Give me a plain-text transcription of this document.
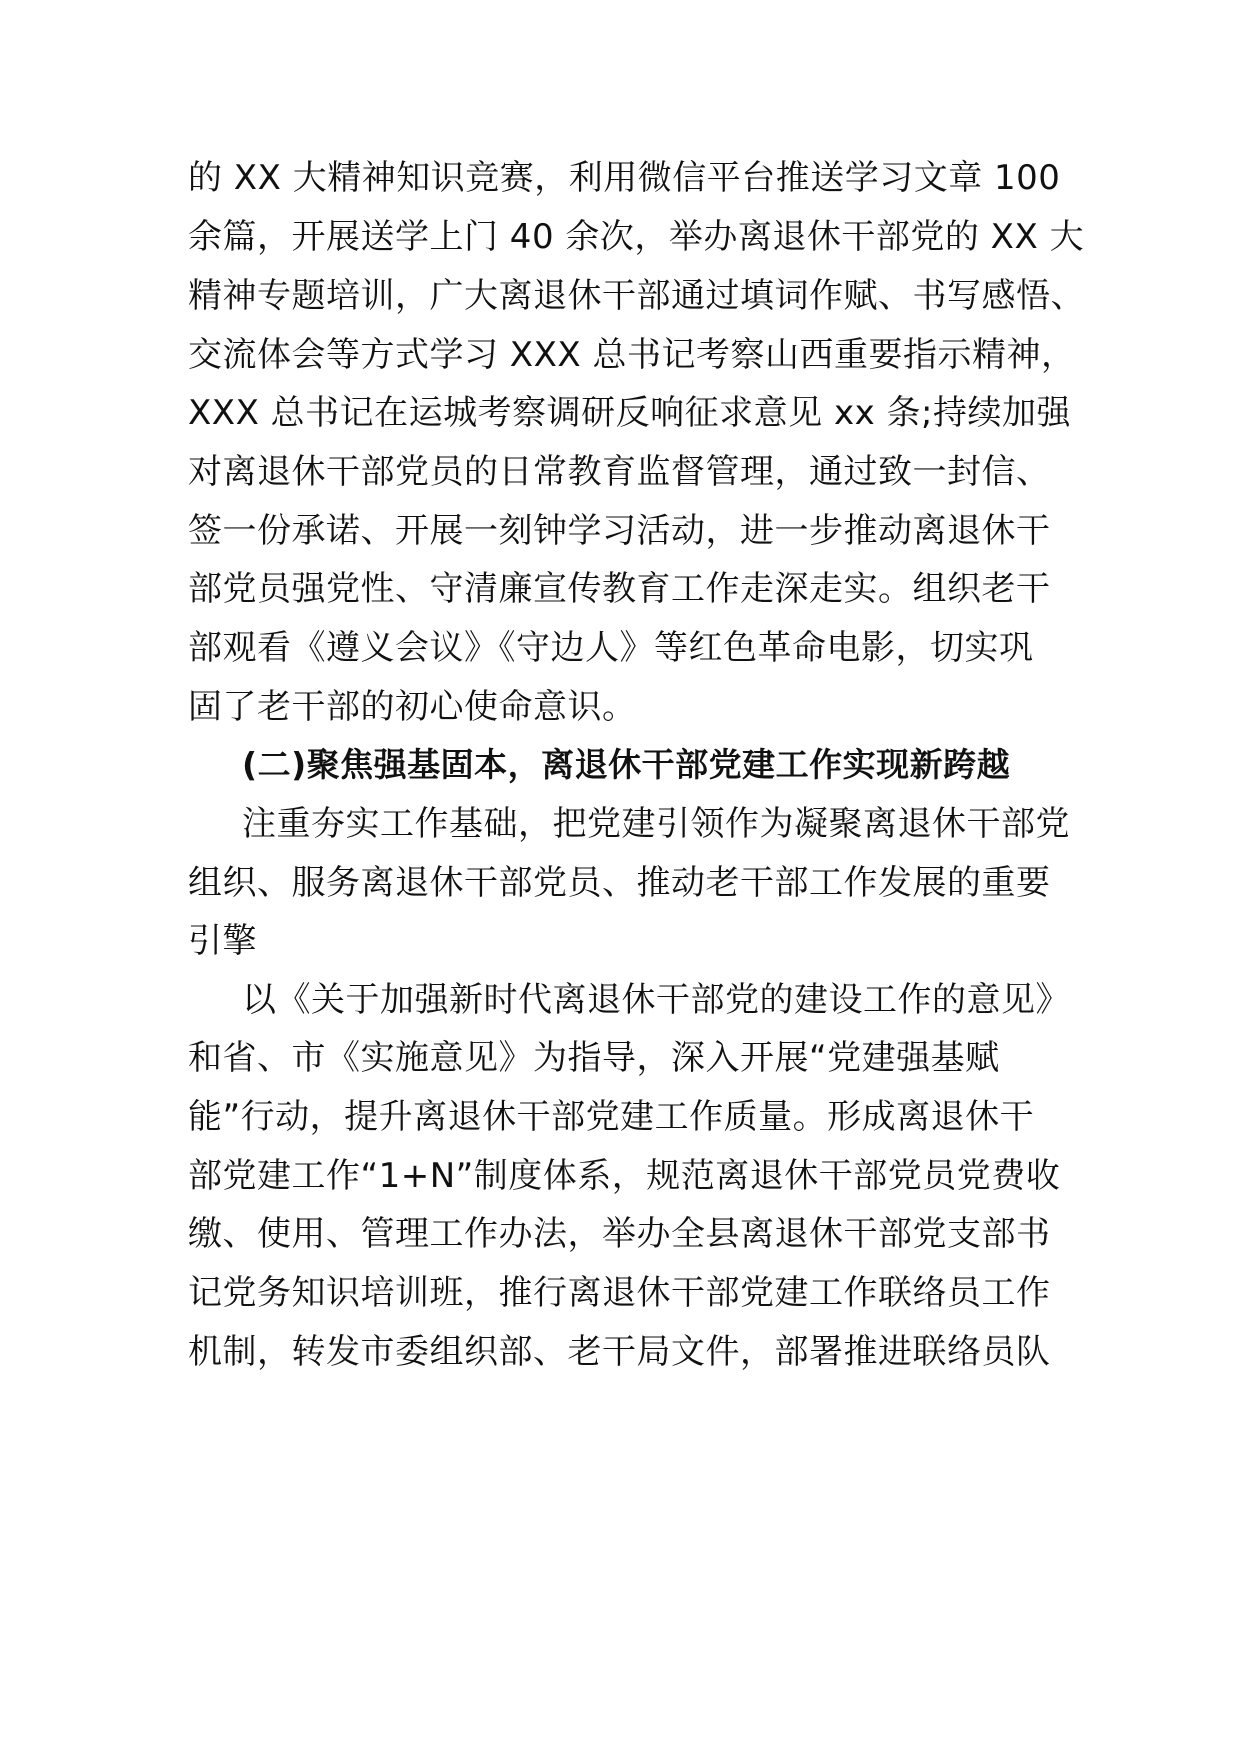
的 XX 大精神知识竞赛，利用微信平台推送学习文章 100
余篇，开展送学上门 40 余次，举办离退休干部党的 XX 大
精神专题培训，广大离退休干部通过填词作赋、书写感悟、
交流体会等方式学习 XXX 总书记考察山西重要指示精神，
XXX 总书记在运城考察调研反响征求意见 xx 条;持续加强
对离退休干部党员的日常教育监督管理，通过致一封信、
签一份承诺、开展一刻钟学习活动，进一步推动离退休干
部党员强党性、守清廉宣传教育工作走深走实。组织老干
部观看《遵义会议》《守边人》等红色革命电影，切实巩
固了老干部的初心使命意识。
(二)聚焦强基固本，离退休干部党建工作实现新跨越
注重夯实工作基础，把党建引领作为凝聚离退休干部党
组织、服务离退休干部党员、推动老干部工作发展的重要
引擎
以《关于加强新时代离退休干部党的建设工作的意见》
和省、市《实施意见》为指导，深入开展“党建强基赋
能”行动，提升离退休干部党建工作质量。形成离退休干
部党建工作“1+N”制度体系，规范离退休干部党员党费收
缴、使用、管理工作办法，举办全县离退休干部党支部书
记党务知识培训班，推行离退休干部党建工作联络员工作
机制，转发市委组织部、老干局文件，部署推进联络员队
